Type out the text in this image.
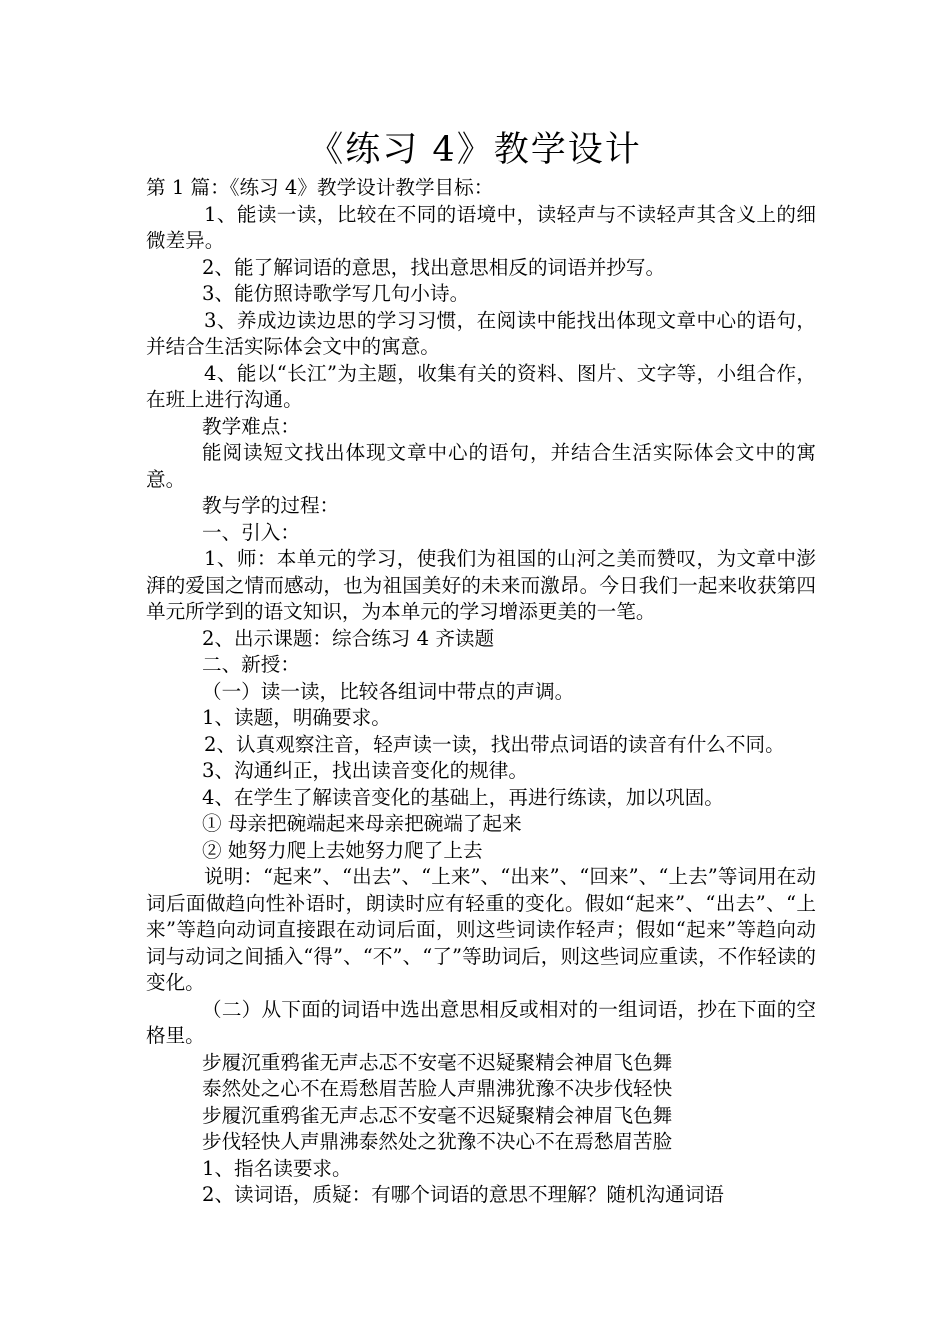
《练习 4》教学设计

第 1 篇：《练习 4》教学设计教学目标：

1、能读一读，比较在不同的语境中，读轻声与不读轻声其含义上的细微差异。

2、能了解词语的意思，找出意思相反的词语并抄写。

3、能仿照诗歌学写几句小诗。

3、养成边读边思的学习习惯，在阅读中能找出体现文章中心的语句，并结合生活实际体会文中的寓意。

4、能以“长江”为主题，收集有关的资料、图片、文字等，小组合作，在班上进行沟通。

教学难点：

能阅读短文找出体现文章中心的语句，并结合生活实际体会文中的寓意。

教与学的过程：

一、引入：

1、师：本单元的学习，使我们为祖国的山河之美而赞叹，为文章中澎湃的爱国之情而感动，也为祖国美好的未来而激昂。今日我们一起来收获第四单元所学到的语文知识，为本单元的学习增添更美的一笔。

2、出示课题：综合练习 4 齐读题

二、新授：

（一）读一读，比较各组词中带点的声调。

1、读题，明确要求。

2、认真观察注音，轻声读一读，找出带点词语的读音有什么不同。

3、沟通纠正，找出读音变化的规律。

4、在学生了解读音变化的基础上，再进行练读，加以巩固。

① 母亲把碗端起来母亲把碗端了起来

② 她努力爬上去她努力爬了上去

说明：“起来”、“出去”、“上来”、“出来”、“回来”、“上去”等词用在动词后面做趋向性补语时，朗读时应有轻重的变化。假如“起来”、“出去”、“上来”等趋向动词直接跟在动词后面，则这些词读作轻声；假如“起来”等趋向动词与动词之间插入“得”、“不”、“了”等助词后，则这些词应重读，不作轻读的变化。

（二）从下面的词语中选出意思相反或相对的一组词语，抄在下面的空格里。

步履沉重鸦雀无声忐忑不安毫不迟疑聚精会神眉飞色舞

泰然处之心不在焉愁眉苦脸人声鼎沸犹豫不决步伐轻快

步履沉重鸦雀无声忐忑不安毫不迟疑聚精会神眉飞色舞

步伐轻快人声鼎沸泰然处之犹豫不决心不在焉愁眉苦脸

1、指名读要求。

2、读词语，质疑：有哪个词语的意思不理解？随机沟通词语
